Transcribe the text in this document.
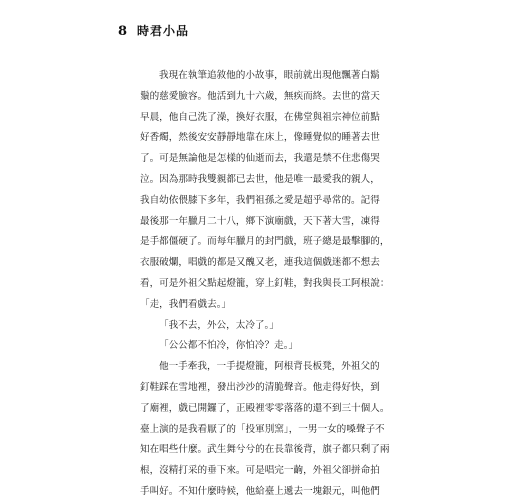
8 時君小品

我現在執筆追敘他的小故事，眼前就出現他飄著白鬍
鬚的慈愛臉容。他活到九十六歲，無疾而終。去世的當天
早晨，他自己洗了澡，換好衣服，在佛堂與祖宗神位前點
好香燭，然後安安靜靜地靠在床上，像睡覺似的睡著去世
了。可是無論他是怎樣的仙逝而去，我還是禁不住悲傷哭
泣。因為那時我雙親都已去世，他是唯一最愛我的親人，
我自幼依偎膝下多年，我們祖孫之愛是超乎尋常的。記得
最後那一年臘月二十八，鄉下演廟戲，天下著大雪，凍得
是手都僵硬了。而每年臘月的封門戲，班子總是最擊腳的，
衣服破爛，唱戲的都是又醜又老，連我這個戲迷都不想去
看，可是外祖父點起燈籠，穿上釘鞋，對我與長工阿根說：
「走，我們看戲去。」

「我不去，外公，太冷了。」

「公公都不怕冷，你怕冷？走。」

他一手牽我，一手提燈籠，阿根背長板凳，外祖父的
釘鞋踩在雪地裡，發出沙沙的清脆聲音。他走得好快，到
了廟裡，戲已開鑼了，正殿裡零零落落的還不到三十個人。
臺上演的是我看厭了的「投軍別窯」，一男一女的嗓聲子不
知在唱些什麼。武生舞兮兮的在長靠後背，旗子都只剩了兩
根，沒精打采的垂下來。可是唱完一齣，外祖父卻拼命拍
手叫好。不知什麼時候，他給臺上遞去一塊銀元，叫他們
